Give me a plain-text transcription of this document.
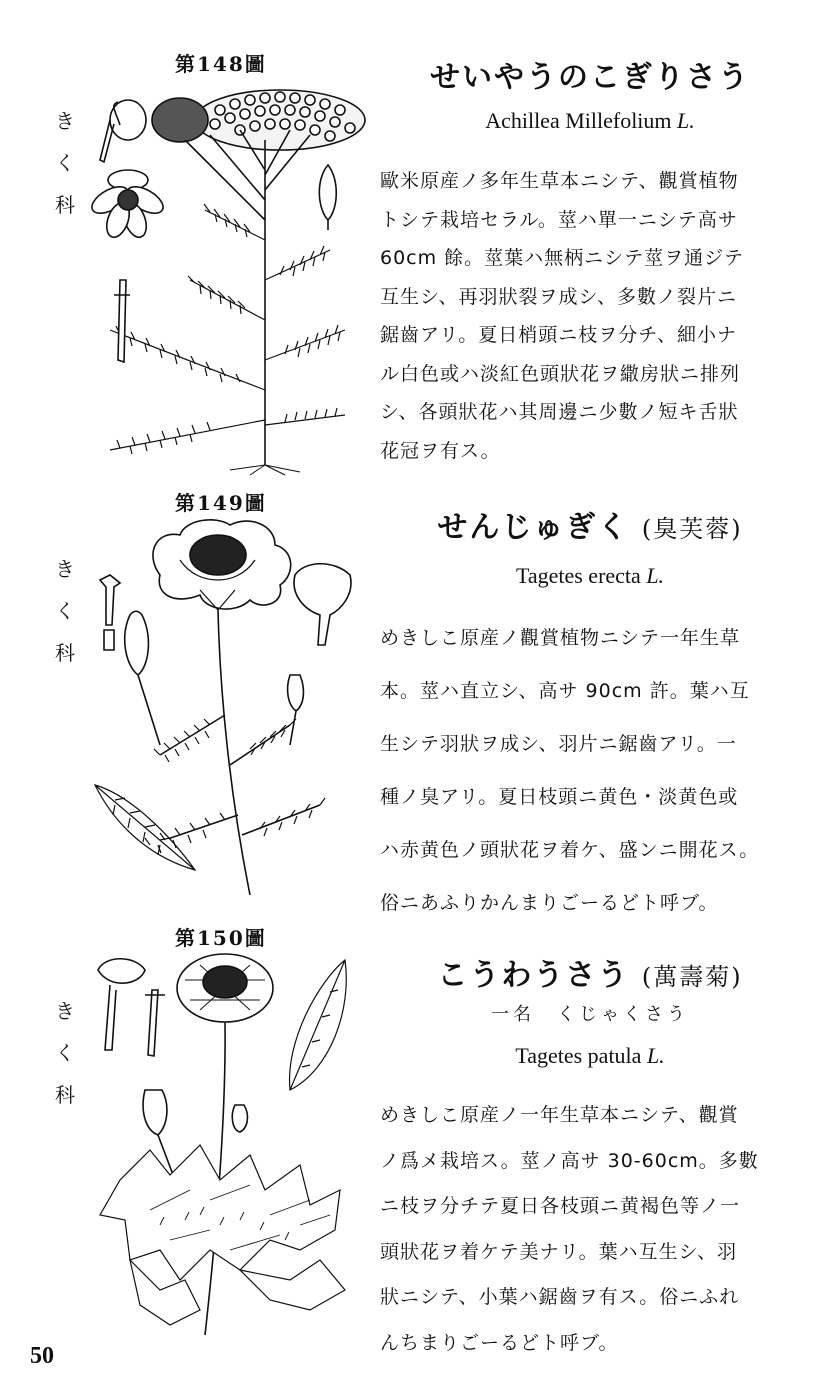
第148圖
き
く
科
せいやうのこぎりさう
Achillea Millefolium L.
歐米原産ノ多年生草本ニシテ、觀賞植物
トシテ栽培セラル。莖ハ單一ニシテ高サ
60cm 餘。莖葉ハ無柄ニシテ莖ヲ通ジテ
互生シ、再羽狀裂ヲ成シ、多數ノ裂片ニ
鋸齒アリ。夏日梢頭ニ枝ヲ分チ、細小ナ
ル白色或ハ淡紅色頭狀花ヲ繖房狀ニ排列
シ、各頭狀花ハ其周邊ニ少數ノ短キ舌狀
花冠ヲ有ス。
第149圖
き
く
科
せんじゅぎく (臭芙蓉)
Tagetes erecta L.
めきしこ原産ノ觀賞植物ニシテ一年生草
本。莖ハ直立シ、高サ 90cm 許。葉ハ互
生シテ羽狀ヲ成シ、羽片ニ鋸齒アリ。一
種ノ臭アリ。夏日枝頭ニ黄色・淡黄色或
ハ赤黄色ノ頭狀花ヲ着ケ、盛ンニ開花ス。
俗ニあふりかんまりごーるどト呼ブ。
第150圖
き
く
科
こうわうさう (萬壽菊)
一名　くじゃくさう
Tagetes patula L.
めきしこ原産ノ一年生草本ニシテ、觀賞
ノ爲メ栽培ス。莖ノ高サ 30-60cm。多數
ニ枝ヲ分チテ夏日各枝頭ニ黄褐色等ノ一
頭狀花ヲ着ケテ美ナリ。葉ハ互生シ、羽
狀ニシテ、小葉ハ鋸齒ヲ有ス。俗ニふれ
んちまりごーるどト呼ブ。
50
